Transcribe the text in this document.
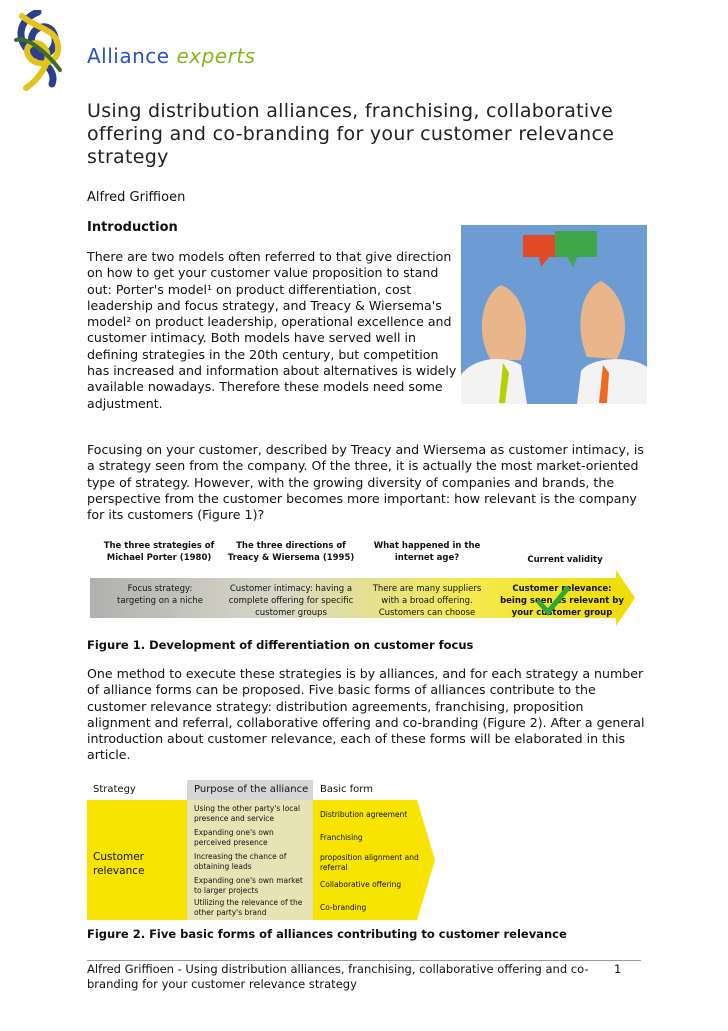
Alliance experts
Using distribution alliances, franchising, collaborative offering and co-branding for your customer relevance strategy
Alfred Griffioen
Introduction
There are two models often referred to that give direction on how to get your customer value proposition to stand out: Porter's model¹ on product differentiation, cost leadership and focus strategy, and Treacy & Wiersema's model² on product leadership, operational excellence and customer intimacy. Both models have served well in defining strategies in the 20th century, but competition has increased and information about alternatives is widely available nowadays. Therefore these models need some adjustment.
Focusing on your customer, described by Treacy and Wiersema as customer intimacy, is a strategy seen from the company. Of the three, it is actually the most market-oriented type of strategy. However, with the growing diversity of companies and brands, the perspective from the customer becomes more important: how relevant is the company for its customers (Figure 1)?
The three strategies of Michael Porter (1980)
The three directions of Treacy & Wiersema (1995)
What happened in the internet age?	Current validity
Focus strategy: targeting on a niche
Customer intimacy: having a complete offering for specific customer groups
There are many suppliers with a broad offering. Customers can choose
Customer relevance: being seen as relevant by your customer group
Figure 1. Development of differentiation on customer focus
One method to execute these strategies is by alliances, and for each strategy a number of alliance forms can be proposed. Five basic forms of alliances contribute to the customer relevance strategy: distribution agreements, franchising, proposition alignment and referral, collaborative offering and co-branding (Figure 2). After a general introduction about customer relevance, each of these forms will be elaborated in this article.
Strategy	Purpose of the alliance Basic form
Customer relevance
Using the other party's local presence and service
Expanding one's own perceived presence
Increasing the chance of obtaining leads
Expanding one's own market to larger projects
Utilizing the relevance of the other party's brand
Distribution agreement
Franchising
proposition alignment and referral
Collaborative offering
Co-branding
Figure 2. Five basic forms of alliances contributing to customer relevance
Alfred Griffioen - Using distribution alliances, franchising, collaborative offering and co-branding for your customer relevance strategy
1
